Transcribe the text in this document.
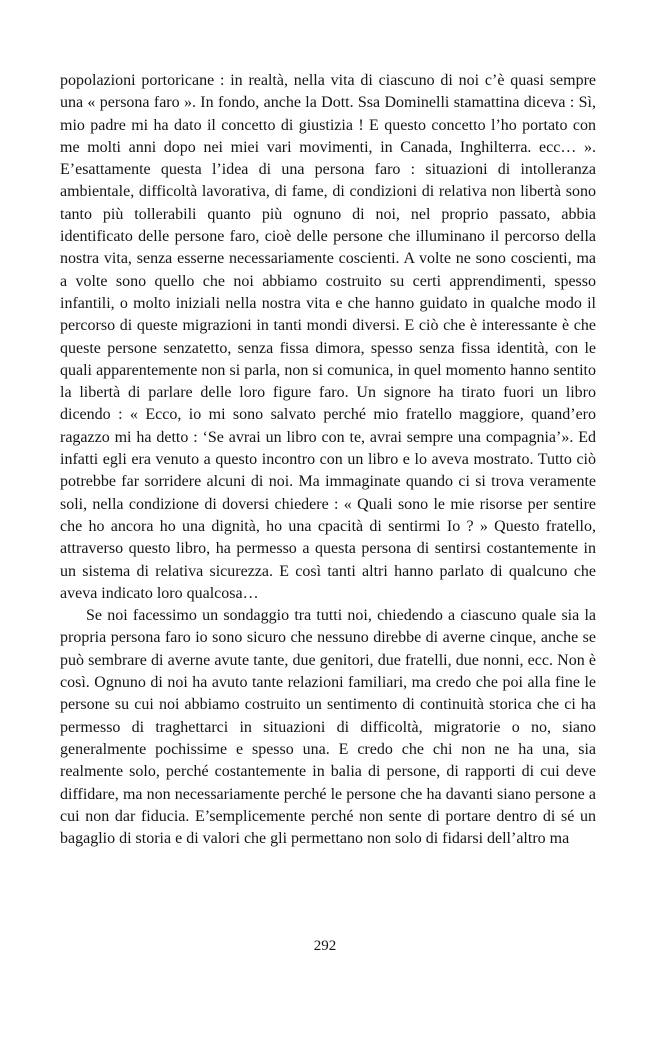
popolazioni portoricane : in realtà, nella vita di ciascuno di noi c’è quasi sempre una « persona faro ». In fondo, anche la Dott. Ssa Dominelli stamattina diceva : Sì, mio padre mi ha dato il concetto di giustizia ! E questo concetto l’ho portato con me molti anni dopo nei miei vari movimenti, in Canada, Inghilterra. ecc… ». E’esattamente questa l’idea di una persona faro : situazioni di intolleranza ambientale, difficoltà lavorativa, di fame, di condizioni di relativa non libertà sono tanto più tollerabili quanto più ognuno di noi, nel proprio passato, abbia identificato delle persone faro, cioè delle persone che illuminano il percorso della nostra vita, senza esserne necessariamente coscienti. A volte ne sono coscienti, ma a volte sono quello che noi abbiamo costruito su certi apprendimenti, spesso infantili, o molto iniziali nella nostra vita e che hanno guidato in qualche modo il percorso di queste migrazioni in tanti mondi diversi. E ciò che è interessante è che queste persone senzatetto, senza fissa dimora, spesso senza fissa identità, con le quali apparentemente non si parla, non si comunica, in quel momento hanno sentito la libertà di parlare delle loro figure faro. Un signore ha tirato fuori un libro dicendo : « Ecco, io mi sono salvato perché mio fratello maggiore, quand’ero ragazzo mi ha detto : ‘Se avrai un libro con te, avrai sempre una compagnia’». Ed infatti egli era venuto a questo incontro con un libro e lo aveva mostrato. Tutto ciò potrebbe far sorridere alcuni di noi. Ma immaginate quando ci si trova veramente soli, nella condizione di doversi chiedere : « Quali sono le mie risorse per sentire che ho ancora ho una dignità, ho una cpacità di sentirmi Io ? » Questo fratello, attraverso questo libro, ha permesso a questa persona di sentirsi costantemente in un sistema di relativa sicurezza. E così tanti altri hanno parlato di qualcuno che aveva indicato loro qualcosa…

Se noi facessimo un sondaggio tra tutti noi, chiedendo a ciascuno quale sia la propria persona faro io sono sicuro che nessuno direbbe di averne cinque, anche se può sembrare di averne avute tante, due genitori, due fratelli, due nonni, ecc. Non è così. Ognuno di noi ha avuto tante relazioni familiari, ma credo che poi alla fine le persone su cui noi abbiamo costruito un sentimento di continuità storica che ci ha permesso di traghettarci in situazioni di difficoltà, migratorie o no, siano generalmente pochissime e spesso una. E credo che chi non ne ha una, sia realmente solo, perché costantemente in balia di persone, di rapporti di cui deve diffidare, ma non necessariamente perché le persone che ha davanti siano persone a cui non dar fiducia. E’semplicemente perché non sente di portare dentro di sé un bagaglio di storia e di valori che gli permettano non solo di fidarsi dell’altro ma

292
